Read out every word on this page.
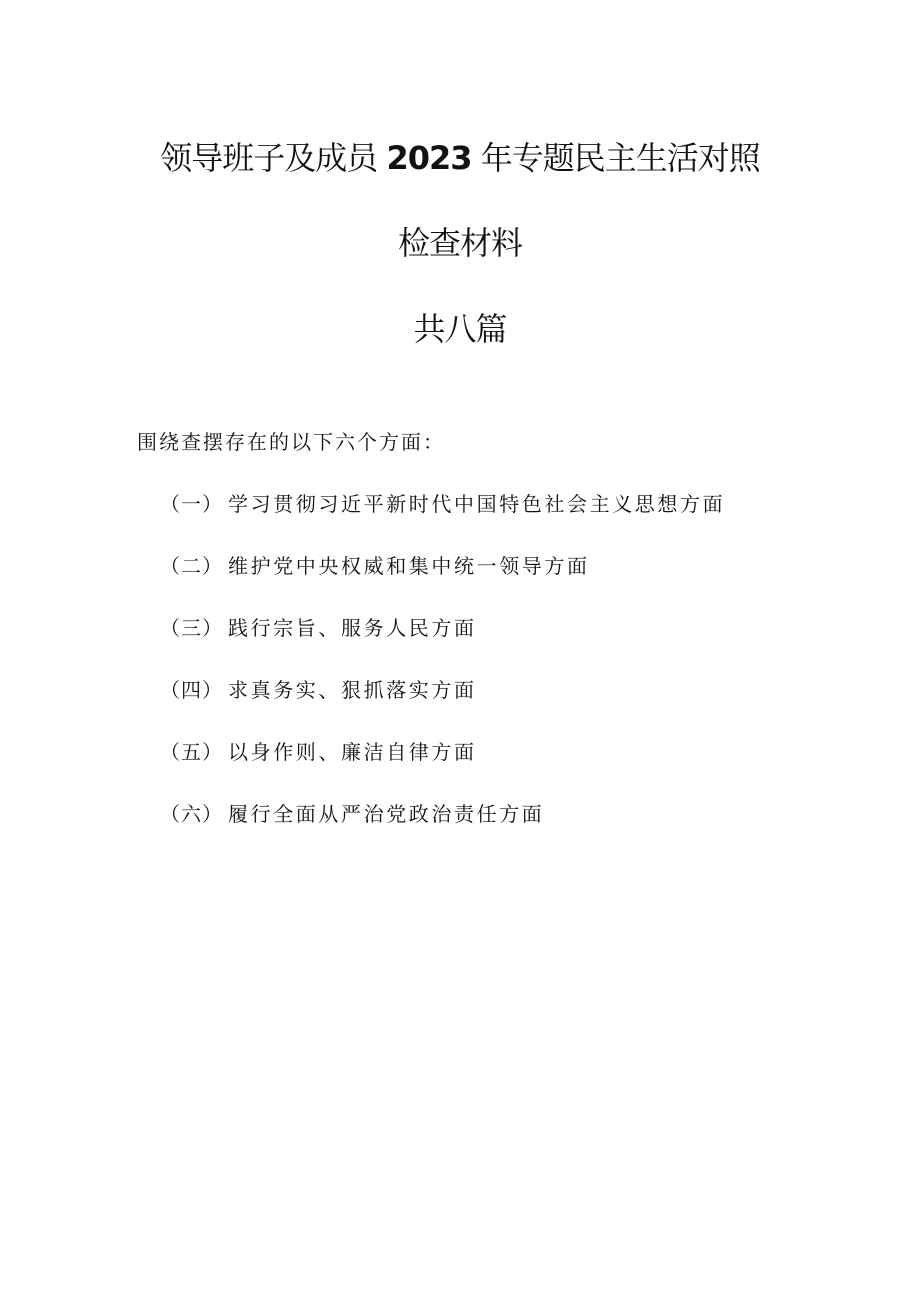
领导班子及成员 2023 年专题民主生活对照
检查材料
共八篇
围绕查摆存在的以下六个方面：
（一） 学习贯彻习近平新时代中国特色社会主义思想方面
（二） 维护党中央权威和集中统一领导方面
（三） 践行宗旨、服务人民方面
（四） 求真务实、狠抓落实方面
（五） 以身作则、廉洁自律方面
（六） 履行全面从严治党政治责任方面
